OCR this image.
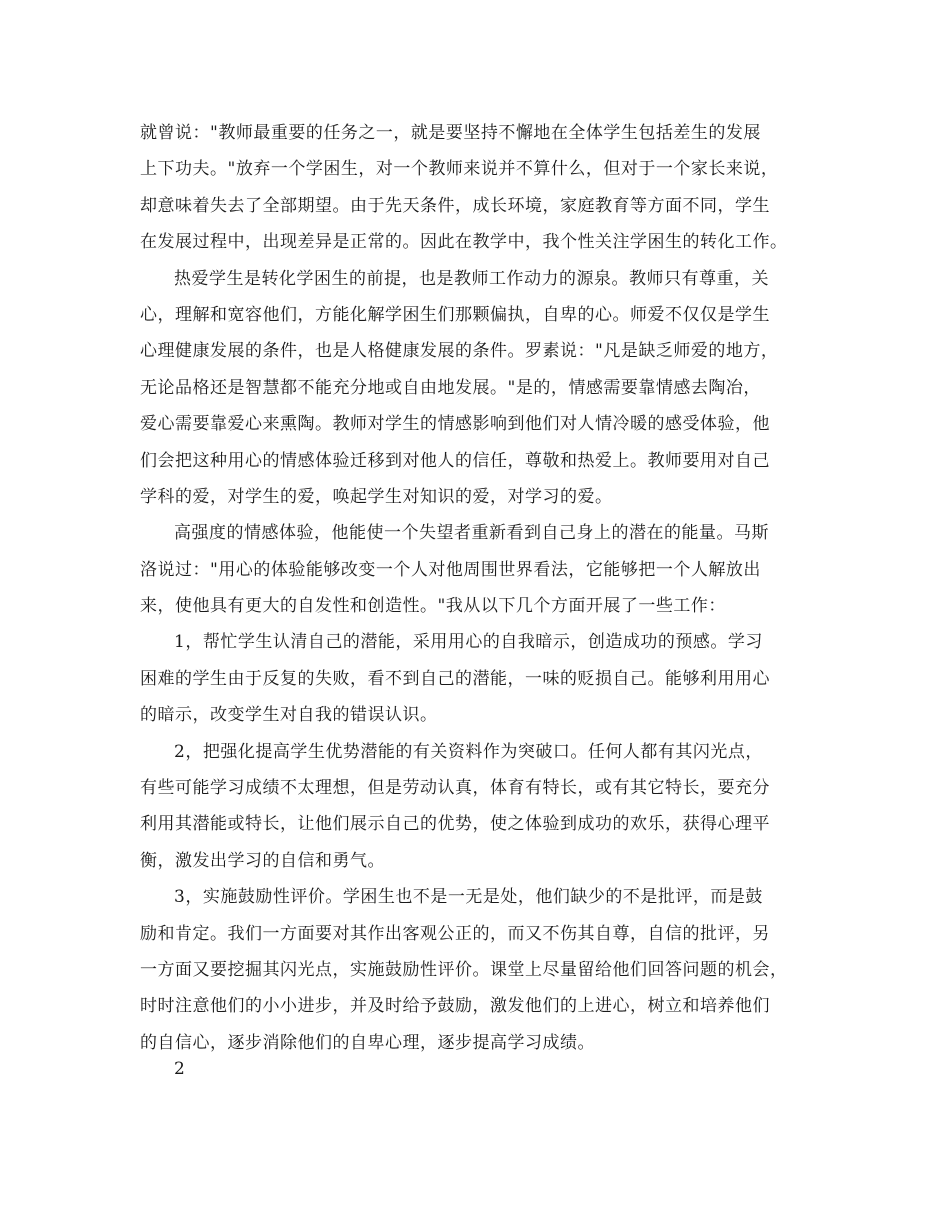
就曾说："教师最重要的任务之一，就是要坚持不懈地在全体学生包括差生的发展
上下功夫。"放弃一个学困生，对一个教师来说并不算什么，但对于一个家长来说，
却意味着失去了全部期望。由于先天条件，成长环境，家庭教育等方面不同，学生
在发展过程中，出现差异是正常的。因此在教学中，我个性关注学困生的转化工作。
热爱学生是转化学困生的前提，也是教师工作动力的源泉。教师只有尊重，关
心，理解和宽容他们，方能化解学困生们那颗偏执，自卑的心。师爱不仅仅是学生
心理健康发展的条件，也是人格健康发展的条件。罗素说："凡是缺乏师爱的地方，
无论品格还是智慧都不能充分地或自由地发展。"是的，情感需要靠情感去陶冶，
爱心需要靠爱心来熏陶。教师对学生的情感影响到他们对人情冷暖的感受体验，他
们会把这种用心的情感体验迁移到对他人的信任，尊敬和热爱上。教师要用对自己
学科的爱，对学生的爱，唤起学生对知识的爱，对学习的爱。
高强度的情感体验，他能使一个失望者重新看到自己身上的潜在的能量。马斯
洛说过："用心的体验能够改变一个人对他周围世界看法，它能够把一个人解放出
来，使他具有更大的自发性和创造性。"我从以下几个方面开展了一些工作：
1，帮忙学生认清自己的潜能，采用用心的自我暗示，创造成功的预感。学习
困难的学生由于反复的失败，看不到自己的潜能，一味的贬损自己。能够利用用心
的暗示，改变学生对自我的错误认识。
2，把强化提高学生优势潜能的有关资料作为突破口。任何人都有其闪光点，
有些可能学习成绩不太理想，但是劳动认真，体育有特长，或有其它特长，要充分
利用其潜能或特长，让他们展示自己的优势，使之体验到成功的欢乐，获得心理平
衡，激发出学习的自信和勇气。
3，实施鼓励性评价。学困生也不是一无是处，他们缺少的不是批评，而是鼓
励和肯定。我们一方面要对其作出客观公正的，而又不伤其自尊，自信的批评，另
一方面又要挖掘其闪光点，实施鼓励性评价。课堂上尽量留给他们回答问题的机会，
时时注意他们的小小进步，并及时给予鼓励，激发他们的上进心，树立和培养他们
的自信心，逐步消除他们的自卑心理，逐步提高学习成绩。
2
